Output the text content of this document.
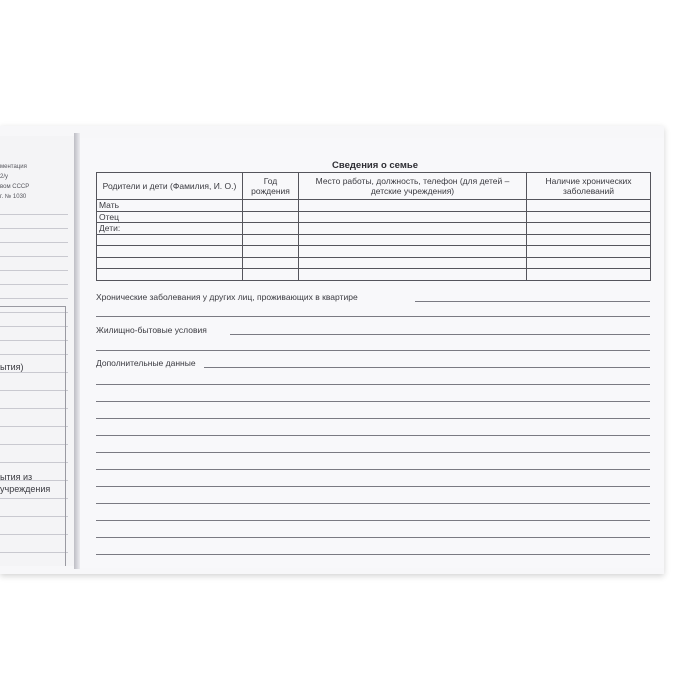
ментация
2/у
вом СССР
г. № 1030
ытия)
ытия из
учреждения
Сведения о семье
Родители и дети (Фамилия, И. О.)	Год рождения	Место работы, должность, телефон (для детей – детские учреждения)	Наличие хронических заболеваний
Мать			
Отец			
Дети:			

Хронические заболевания у других лиц, проживающих в квартире
Жилищно-бытовые условия
Дополнительные данные
